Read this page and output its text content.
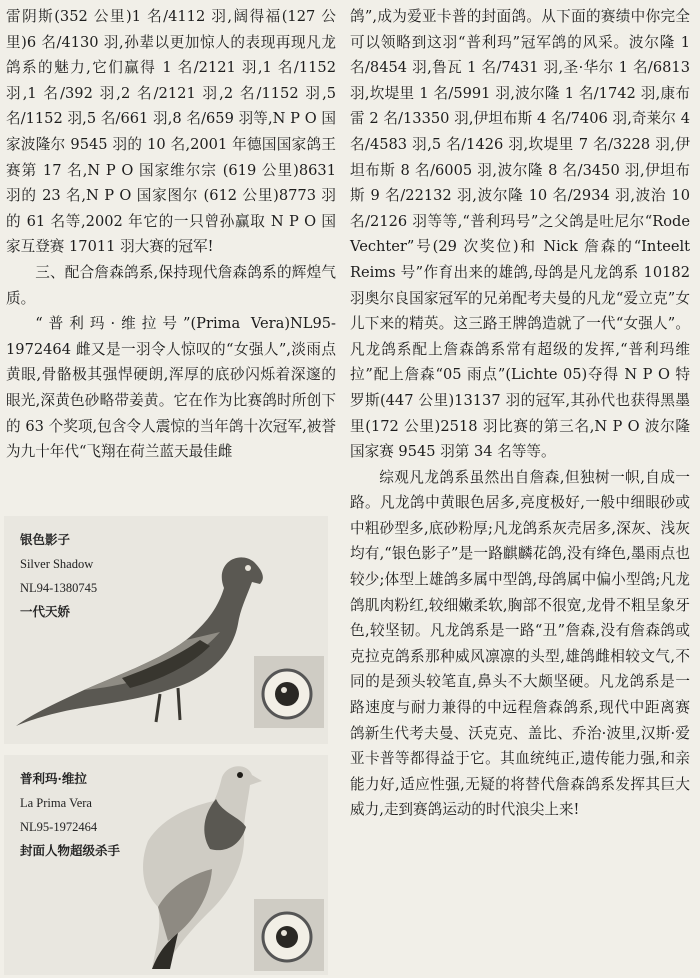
雷阴斯(352 公里)1 名/4112 羽,阔得福(127 公里)6 名/4130 羽,孙辈以更加惊人的表现再现凡龙鸽系的魅力,它们赢得 1 名/2121 羽,1 名/1152 羽,1 名/392 羽,2 名/2121 羽,2 名/1152 羽,5 名/1152 羽,5 名/661 羽,8 名/659 羽等,N P O 国家波隆尔 9545 羽的 10 名,2001 年德国国家鸽王赛第 17 名,N P O 国家维尔宗 (619 公里)8631 羽的 23 名,N P O 国家图尔 (612 公里)8773 羽的 61 名等,2002 年它的一只曾孙赢取 N P O 国家互登赛 17011 羽大赛的冠军!

三、配合詹森鸽系,保持现代詹森鸽系的辉煌气质。

“普利玛·维拉号”(Prima Vera)NL95-1972464 雌又是一羽令人惊叹的“女强人”,淡雨点黄眼,骨骼极其强悍硬朗,浑厚的底砂闪烁着深邃的眼光,深黄色砂略带姜黄。它在作为比赛鸽时所创下的 63 个奖项,包含令人震惊的当年鸽十次冠军,被誉为九十年代“飞翔在荷兰蓝天最佳雌

鸽”,成为爱亚卡普的封面鸽。从下面的赛绩中你完全可以领略到这羽“普利玛”冠军鸽的风采。波尔隆 1 名/8454 羽,鲁瓦 1 名/7431 羽,圣·华尔 1 名/6813 羽,坎堤里 1 名/5991 羽,波尔隆 1 名/1742 羽,康布雷 2 名/13350 羽,伊坦布斯 4 名/7406 羽,奇莱尔 4 名/4583 羽,5 名/1426 羽,坎堤里 7 名/3228 羽,伊坦布斯 8 名/6005 羽,波尔隆 8 名/3450 羽,伊坦布斯 9 名/22132 羽,波尔隆 10 名/2934 羽,波治 10 名/2126 羽等等,“普利玛号”之父鸽是吐尼尔“Rode Vechter”号(29 次奖位)和 Nick 詹森的“Inteelt Reims 号”作育出来的雄鸽,母鸽是凡龙鸽系 10182 羽奥尔良国家冠军的兄弟配考夫曼的凡龙“爱立克”女儿下来的精英。这三路王牌鸽造就了一代“女强人”。凡龙鸽系配上詹森鸽系常有超级的发挥,“普利玛维拉”配上詹森“05 雨点”(Lichte 05)夺得 N P O 特罗斯(447 公里)13137 羽的冠军,其孙代也获得黑墨里(172 公里)2518 羽比赛的第三名,N P O 波尔隆国家赛 9545 羽第 34 名等等。

综观凡龙鸽系虽然出自詹森,但独树一帜,自成一路。凡龙鸽中黄眼色居多,亮度极好,一般中细眼砂或中粗砂型多,底砂粉厚;凡龙鸽系灰壳居多,深灰、浅灰均有,“银色影子”是一路麒麟花鸽,没有绛色,墨雨点也较少;体型上雄鸽多属中型鸽,母鸽属中偏小型鸽;凡龙鸽肌肉粉红,较细嫩柔软,胸部不很宽,龙骨不粗呈象牙色,较坚韧。凡龙鸽系是一路“丑”詹森,没有詹森鸽或克拉克鸽系那种威风凛凛的头型,雄鸽雌相较文气,不同的是颈头较笔直,鼻头不大颇坚硬。凡龙鸽系是一路速度与耐力兼得的中远程詹森鸽系,现代中距离赛鸽新生代考夫曼、沃克克、盖比、乔治·波里,汉斯·爱亚卡普等都得益于它。其血统纯正,遗传能力强,和亲能力好,适应性强,无疑的将替代詹森鸽系发挥其巨大威力,走到赛鸽运动的时代浪尖上来!

银色影子
Silver Shadow
NL94-1380745
一代天娇
普利玛·维拉
La Prima Vera
NL95-1972464
封面人物超级杀手
